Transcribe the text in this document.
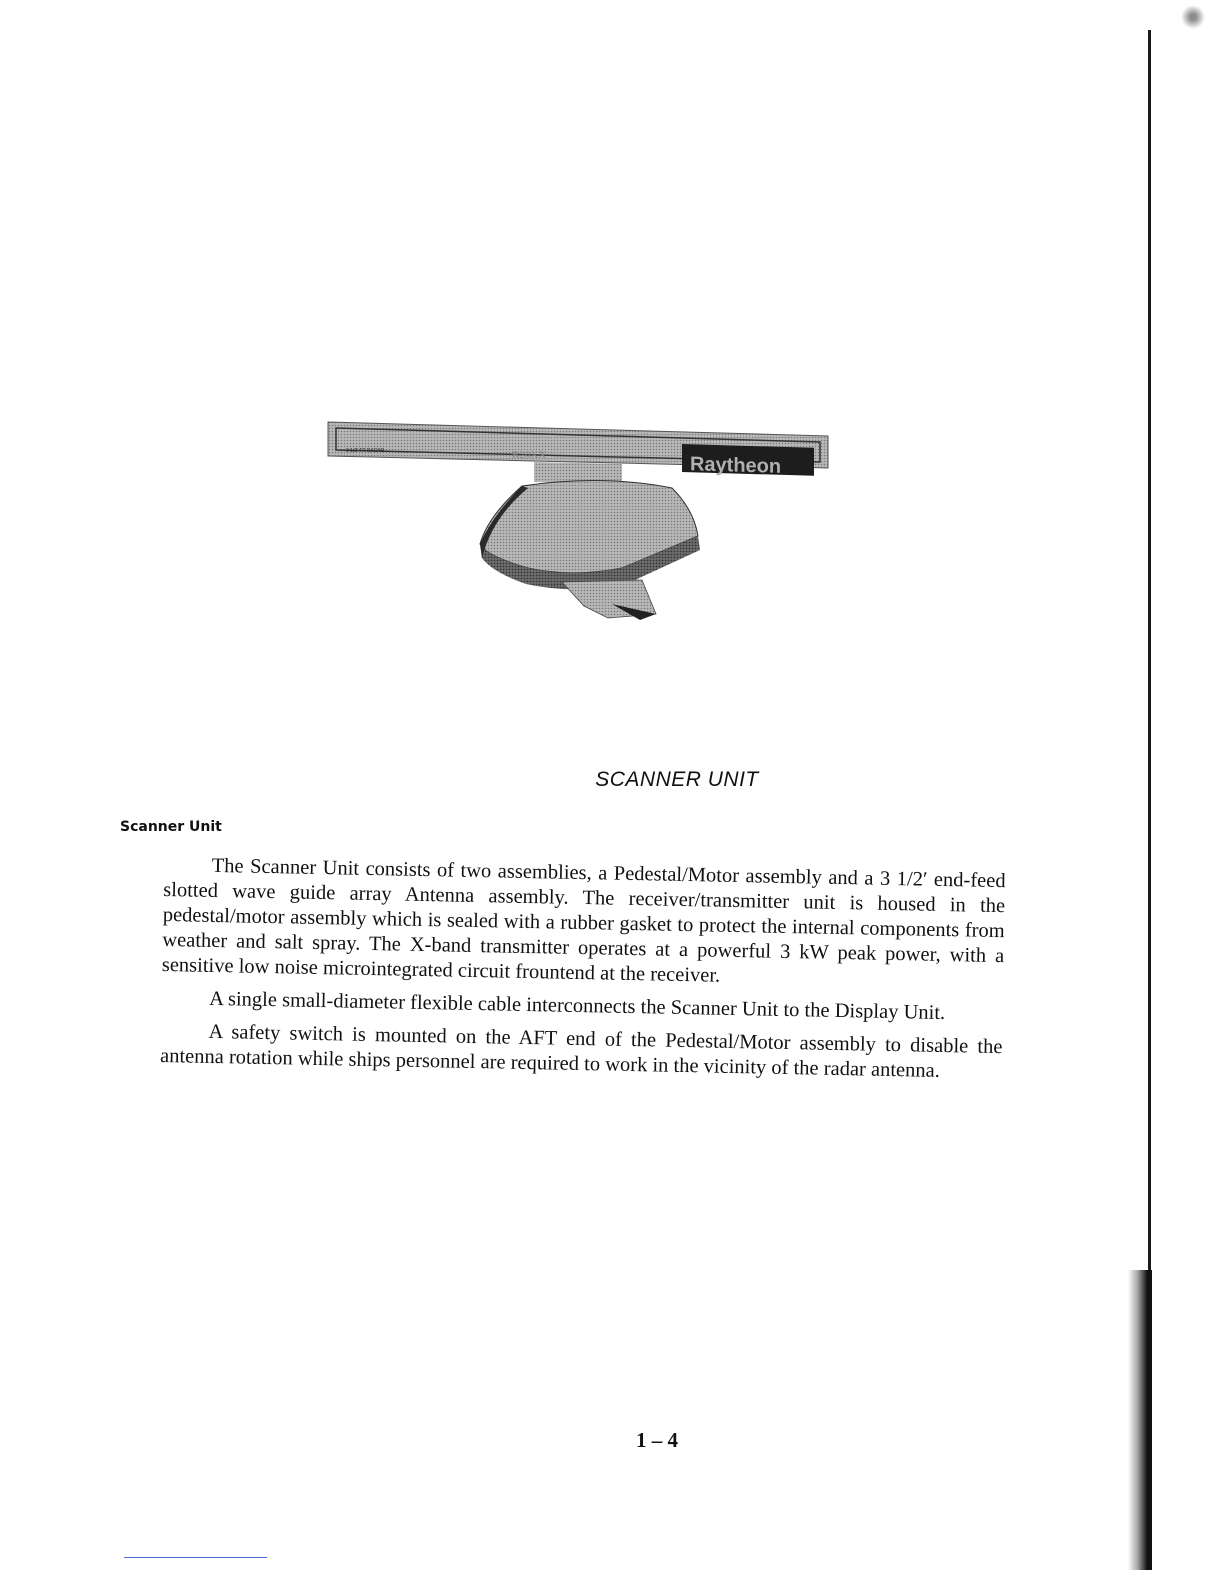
3 1/2' FT RADAR	R20XX	Raytheon
SCANNER UNIT
Scanner Unit

The Scanner Unit consists of two assemblies, a Pedestal/Motor assembly and a 3 1/2′ end-feed slotted wave guide array Antenna assembly. The receiver/transmitter unit is housed in the pedestal/motor assembly which is sealed with a rubber gasket to protect the internal components from weather and salt spray. The X-band transmitter operates at a powerful 3 kW peak power, with a sensitive low noise microintegrated circuit frountend at the receiver.

A single small-diameter flexible cable interconnects the Scanner Unit to the Display Unit.

A safety switch is mounted on the AFT end of the Pedestal/Motor assembly to disable the antenna rotation while ships personnel are required to work in the vicinity of the radar antenna.

1 – 4
